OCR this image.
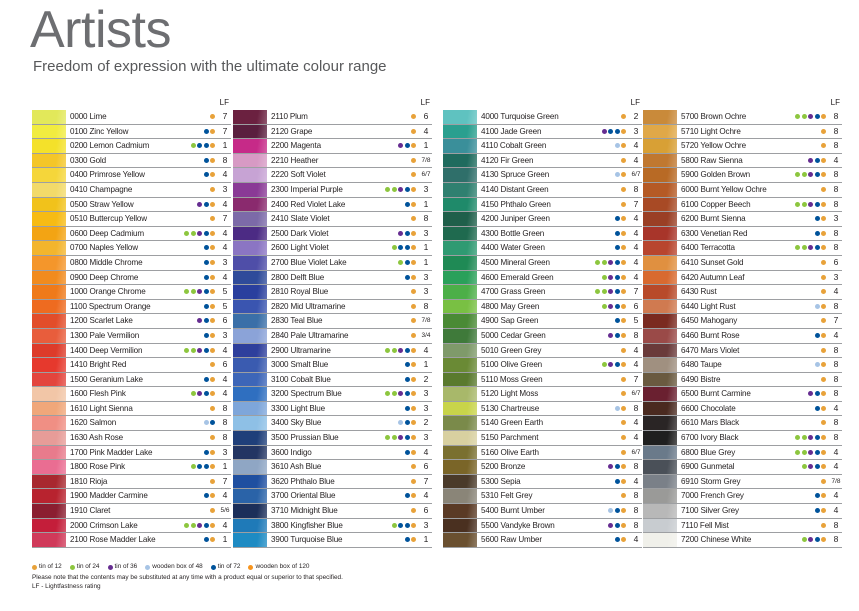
Artists
Freedom of expression with the ultimate colour range
LF
0000 Lime	7
0100 Zinc Yellow	7
0200 Lemon Cadmium	1
0300 Gold	8
0400 Primrose Yellow	4
0410 Champagne	3
0500 Straw Yellow	4
0510 Buttercup Yellow	7
0600 Deep Cadmium	4
0700 Naples Yellow	4
0800 Middle Chrome	3
0900 Deep Chrome	4
1000 Orange Chrome	5
1100 Spectrum Orange	5
1200 Scarlet Lake	6
1300 Pale Vermilion	3
1400 Deep Vermilion	4
1410 Bright Red	6
1500 Geranium Lake	4
1600 Flesh Pink	4
1610 Light Sienna	8
1620 Salmon	8
1630 Ash Rose	8
1700 Pink Madder Lake	3
1800 Rose Pink	1
1810 Rioja	7
1900 Madder Carmine	4
1910 Claret	5/6
2000 Crimson Lake	4
2100 Rose Madder Lake	1
LF
2110 Plum	6
2120 Grape	4
2200 Magenta	1
2210 Heather	7/8
2220 Soft Violet	6/7
2300 Imperial Purple	3
2400 Red Violet Lake	1
2410 Slate Violet	8
2500 Dark Violet	3
2600 Light Violet	1
2700 Blue Violet Lake	1
2800 Delft Blue	3
2810 Royal Blue	3
2820 Mid Ultramarine	8
2830 Teal Blue	7/8
2840 Pale Ultramarine	3/4
2900 Ultramarine	4
3000 Smalt Blue	1
3100 Cobalt Blue	2
3200 Spectrum Blue	3
3300 Light Blue	3
3400 Sky Blue	2
3500 Prussian Blue	3
3600 Indigo	4
3610 Ash Blue	6
3620 Phthalo Blue	7
3700 Oriental Blue	4
3710 Midnight Blue	6
3800 Kingfisher Blue	3
3900 Turquoise Blue	1
LF
4000 Turquoise Green	2
4100 Jade Green	3
4110 Cobalt Green	4
4120 Fir Green	4
4130 Spruce Green	6/7
4140 Distant Green	8
4150 Phthalo Green	7
4200 Juniper Green	4
4300 Bottle Green	4
4400 Water Green	4
4500 Mineral Green	4
4600 Emerald Green	4
4700 Grass Green	7
4800 May Green	6
4900 Sap Green	5
5000 Cedar Green	8
5010 Green Grey	4
5100 Olive Green	4
5110 Moss Green	7
5120 Light Moss	6/7
5130 Chartreuse	8
5140 Green Earth	4
5150 Parchment	4
5160 Olive Earth	6/7
5200 Bronze	8
5300 Sepia	4
5310 Felt Grey	8
5400 Burnt Umber	8
5500 Vandyke Brown	8
5600 Raw Umber	4
LF
5700 Brown Ochre	8
5710 Light Ochre	8
5720 Yellow Ochre	8
5800 Raw Sienna	4
5900 Golden Brown	8
6000 Burnt Yellow Ochre	8
6100 Copper Beech	8
6200 Burnt Sienna	3
6300 Venetian Red	8
6400 Terracotta	8
6410 Sunset Gold	6
6420 Autumn Leaf	3
6430 Rust	4
6440 Light Rust	8
6450 Mahogany	7
6460 Burnt Rose	4
6470 Mars Violet	8
6480 Taupe	8
6490 Bistre	8
6500 Burnt Carmine	8
6600 Chocolate	4
6610 Mars Black	8
6700 Ivory Black	8
6800 Blue Grey	4
6900 Gunmetal	4
6910 Storm Grey	7/8
7000 French Grey	4
7100 Silver Grey	4
7110 Fell Mist	8
7200 Chinese White	8
tin of 12 tin of 24 tin of 36 wooden box of 48 tin of 72 wooden box of 120
Please note that the contents may be substituted at any time with a product equal or superior to that specified.
LF - Lightfastness rating
